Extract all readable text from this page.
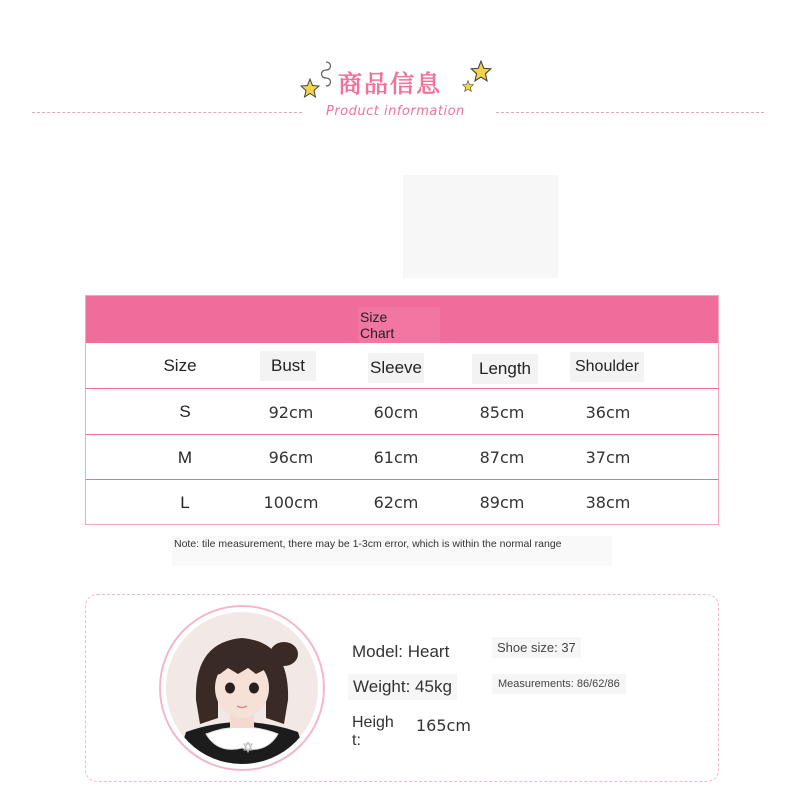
商品信息
Product information
Size
Chart
Size	Bust	Sleeve	Length	Shoulder
S	92cm	60cm	85cm	36cm
M	96cm	61cm	87cm	37cm
L	100cm	62cm	89cm	38cm
Note: tile measurement, there may be 1-3cm error, which is within the normal range
Model: Heart
Weight: 45kg
Heigh
t:
165cm
Shoe size: 37
Measurements: 86/62/86
